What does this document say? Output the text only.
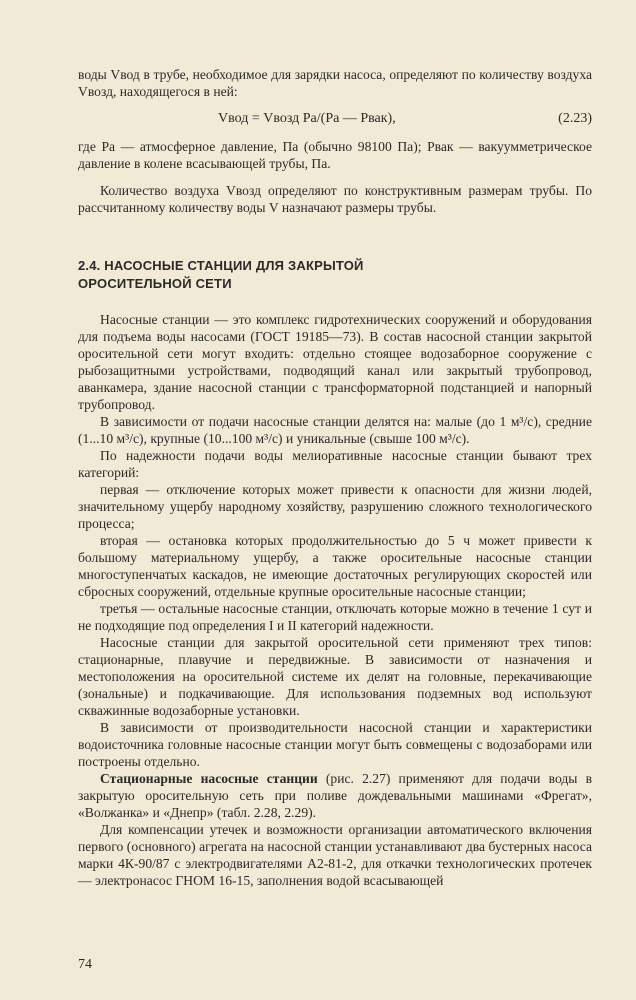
воды Vвод в трубе, необходимое для зарядки насоса, определяют по количеству воздуха Vвозд, находящегося в ней:

Vвод = Vвозд Pа/(Pа — Pвак),	(2.23)

где Pа — атмосферное давление, Па (обычно 98100 Па); Pвак — вакуумметрическое давление в колене всасывающей трубы, Па.

Количество воздуха Vвозд определяют по конструктивным размерам трубы. По рассчитанному количеству воды V назначают размеры трубы.

2.4. НАСОСНЫЕ СТАНЦИИ ДЛЯ ЗАКРЫТОЙ
ОРОСИТЕЛЬНОЙ СЕТИ

Насосные станции — это комплекс гидротехнических сооружений и оборудования для подъема воды насосами (ГОСТ 19185—73). В состав насосной станции закрытой оросительной сети могут входить: отдельно стоящее водозаборное сооружение с рыбозащитными устройствами, подводящий канал или закрытый трубопровод, аванкамера, здание насосной станции с трансформаторной подстанцией и напорный трубопровод.

В зависимости от подачи насосные станции делятся на: малые (до 1 м³/с), средние (1...10 м³/с), крупные (10...100 м³/с) и уникальные (свыше 100 м³/с).

По надежности подачи воды мелиоративные насосные станции бывают трех категорий:

первая — отключение которых может привести к опасности для жизни людей, значительному ущербу народному хозяйству, разрушению сложного технологического процесса;

вторая — остановка которых продолжительностью до 5 ч может привести к большому материальному ущербу, а также оросительные насосные станции многоступенчатых каскадов, не имеющие достаточных регулирующих скоростей или сбросных сооружений, отдельные крупные оросительные насосные станции;

третья — остальные насосные станции, отключать которые можно в течение 1 сут и не подходящие под определения I и II категорий надежности.

Насосные станции для закрытой оросительной сети применяют трех типов: стационарные, плавучие и передвижные. В зависимости от назначения и местоположения на оросительной системе их делят на головные, перекачивающие (зональные) и подкачивающие. Для использования подземных вод используют скважинные водозаборные установки.

В зависимости от производительности насосной станции и характеристики водоисточника головные насосные станции могут быть совмещены с водозаборами или построены отдельно.

Стационарные насосные станции (рис. 2.27) применяют для подачи воды в закрытую оросительную сеть при поливе дождевальными машинами «Фрегат», «Волжанка» и «Днепр» (табл. 2.28, 2.29).

Для компенсации утечек и возможности организации автоматического включения первого (основного) агрегата на насосной станции устанавливают два бустерных насоса марки 4К-90/87 с электродвигателями А2-81-2, для откачки технологических протечек — электронасос ГНОМ 16-15, заполнения водой всасывающей

74
